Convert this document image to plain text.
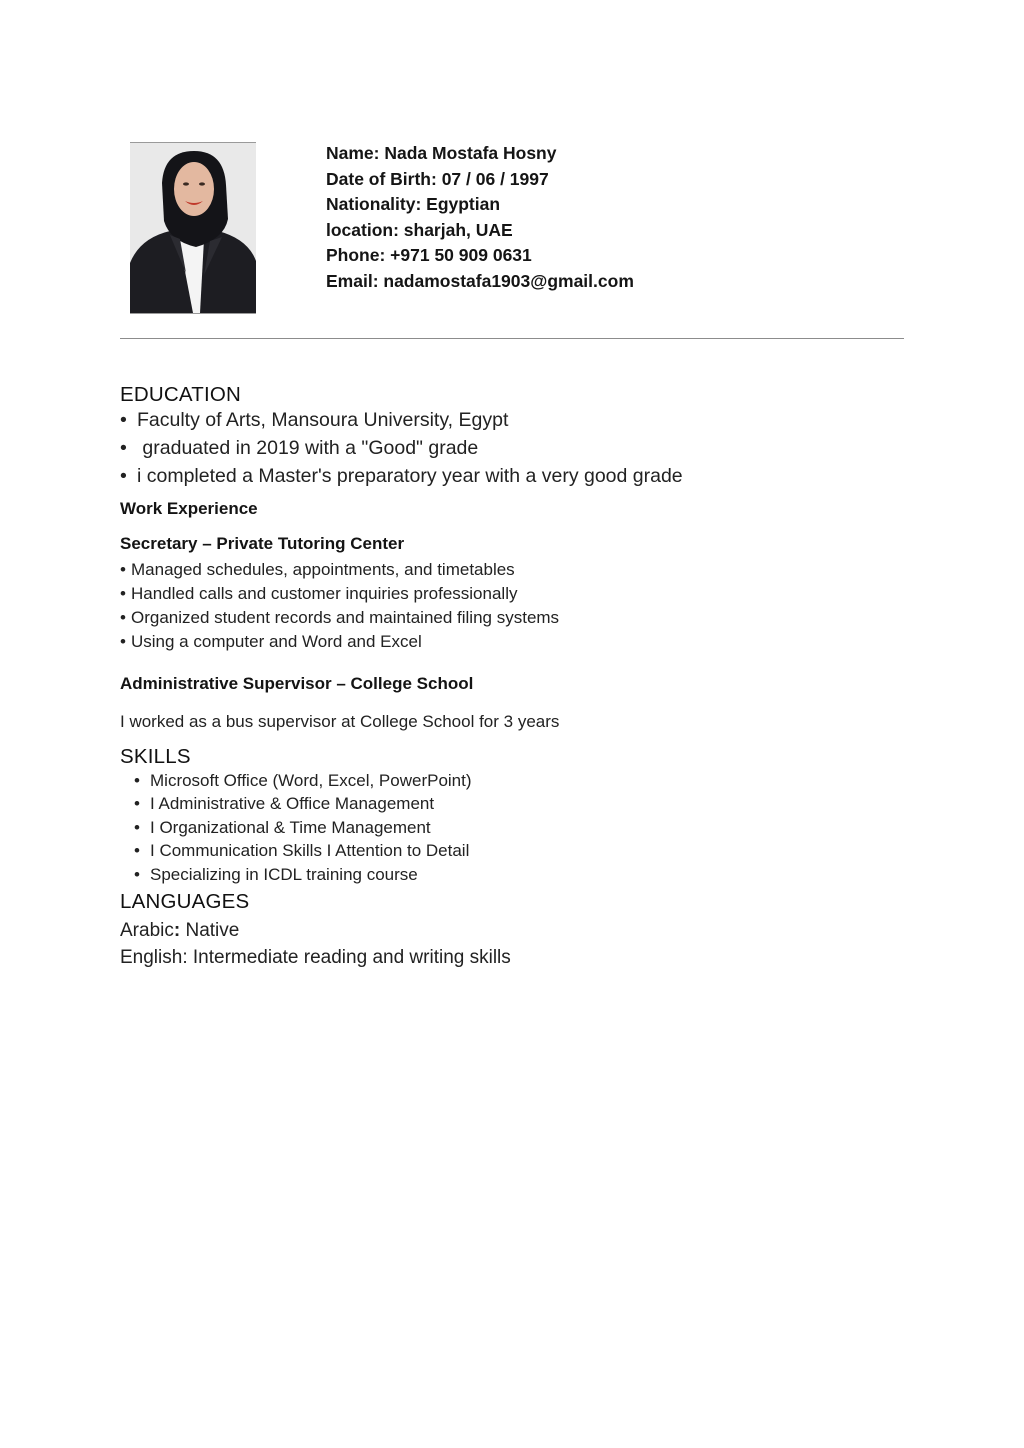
Name: Nada Mostafa Hosny
Date of Birth: 07 / 06 / 1997
Nationality: Egyptian
location: sharjah, UAE
Phone: +971 50 909 0631
Email: nadamostafa1903@gmail.com
EDUCATION
• Faculty of Arts, Mansoura University, Egypt
• graduated in 2019 with a "Good" grade
• i completed a Master's preparatory year with a very good grade
Work Experience
Secretary – Private Tutoring Center
• Managed schedules, appointments, and timetables
• Handled calls and customer inquiries professionally
• Organized student records and maintained filing systems
• Using a computer and Word and Excel
Administrative Supervisor – College School
I worked as a bus supervisor at College School for 3 years
SKILLS
• Microsoft Office (Word, Excel, PowerPoint)
• I Administrative & Office Management
• I Organizational & Time Management
• I Communication Skills I Attention to Detail
• Specializing in ICDL training course
LANGUAGES
Arabic: Native
English: Intermediate reading and writing skills
